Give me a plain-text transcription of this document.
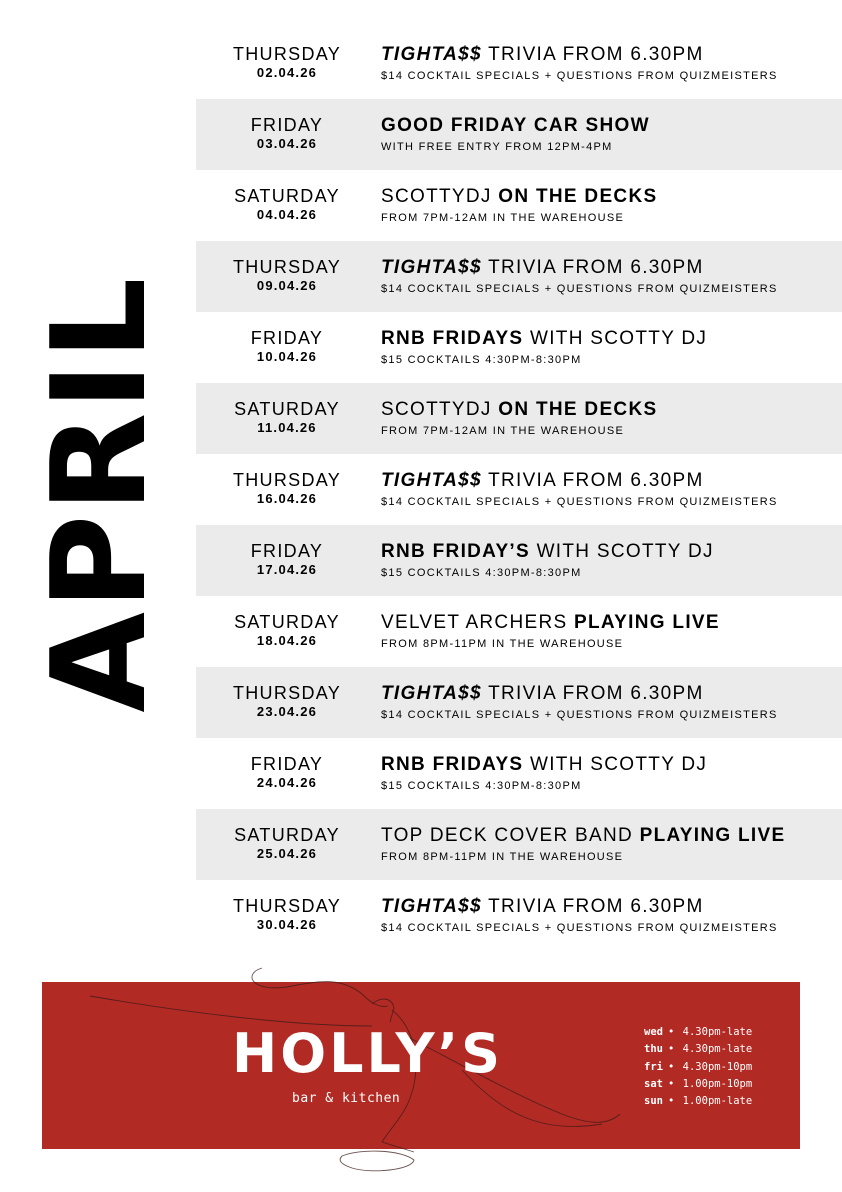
APRIL
THURSDAY
02.04.26
TIGHTA$$ TRIVIA FROM 6.30PM
$14 COCKTAIL SPECIALS + QUESTIONS FROM QUIZMEISTERS
FRIDAY
03.04.26
GOOD FRIDAY CAR SHOW
WITH FREE ENTRY FROM 12PM-4PM
SATURDAY
04.04.26
SCOTTYDJ ON THE DECKS
FROM 7PM-12AM IN THE WAREHOUSE
THURSDAY
09.04.26
TIGHTA$$ TRIVIA FROM 6.30PM
$14 COCKTAIL SPECIALS + QUESTIONS FROM QUIZMEISTERS
FRIDAY
10.04.26
RNB FRIDAYS WITH SCOTTY DJ
$15 COCKTAILS 4:30PM-8:30PM
SATURDAY
11.04.26
SCOTTYDJ ON THE DECKS
FROM 7PM-12AM IN THE WAREHOUSE
THURSDAY
16.04.26
TIGHTA$$ TRIVIA FROM 6.30PM
$14 COCKTAIL SPECIALS + QUESTIONS FROM QUIZMEISTERS
FRIDAY
17.04.26
RNB FRIDAY’S WITH SCOTTY DJ
$15 COCKTAILS 4:30PM-8:30PM
SATURDAY
18.04.26
VELVET ARCHERS PLAYING LIVE
FROM 8PM-11PM IN THE WAREHOUSE
THURSDAY
23.04.26
TIGHTA$$ TRIVIA FROM 6.30PM
$14 COCKTAIL SPECIALS + QUESTIONS FROM QUIZMEISTERS
FRIDAY
24.04.26
RNB FRIDAYS WITH SCOTTY DJ
$15 COCKTAILS 4:30PM-8:30PM
SATURDAY
25.04.26
TOP DECK COVER BAND PLAYING LIVE
FROM 8PM-11PM IN THE WAREHOUSE
THURSDAY
30.04.26
TIGHTA$$ TRIVIA FROM 6.30PM
$14 COCKTAIL SPECIALS + QUESTIONS FROM QUIZMEISTERS
HOLLY’S
bar & kitchen
wed • 4.30pm-late
thu • 4.30pm-late
fri • 4.30pm-10pm
sat • 1.00pm-10pm
sun • 1.00pm-late
